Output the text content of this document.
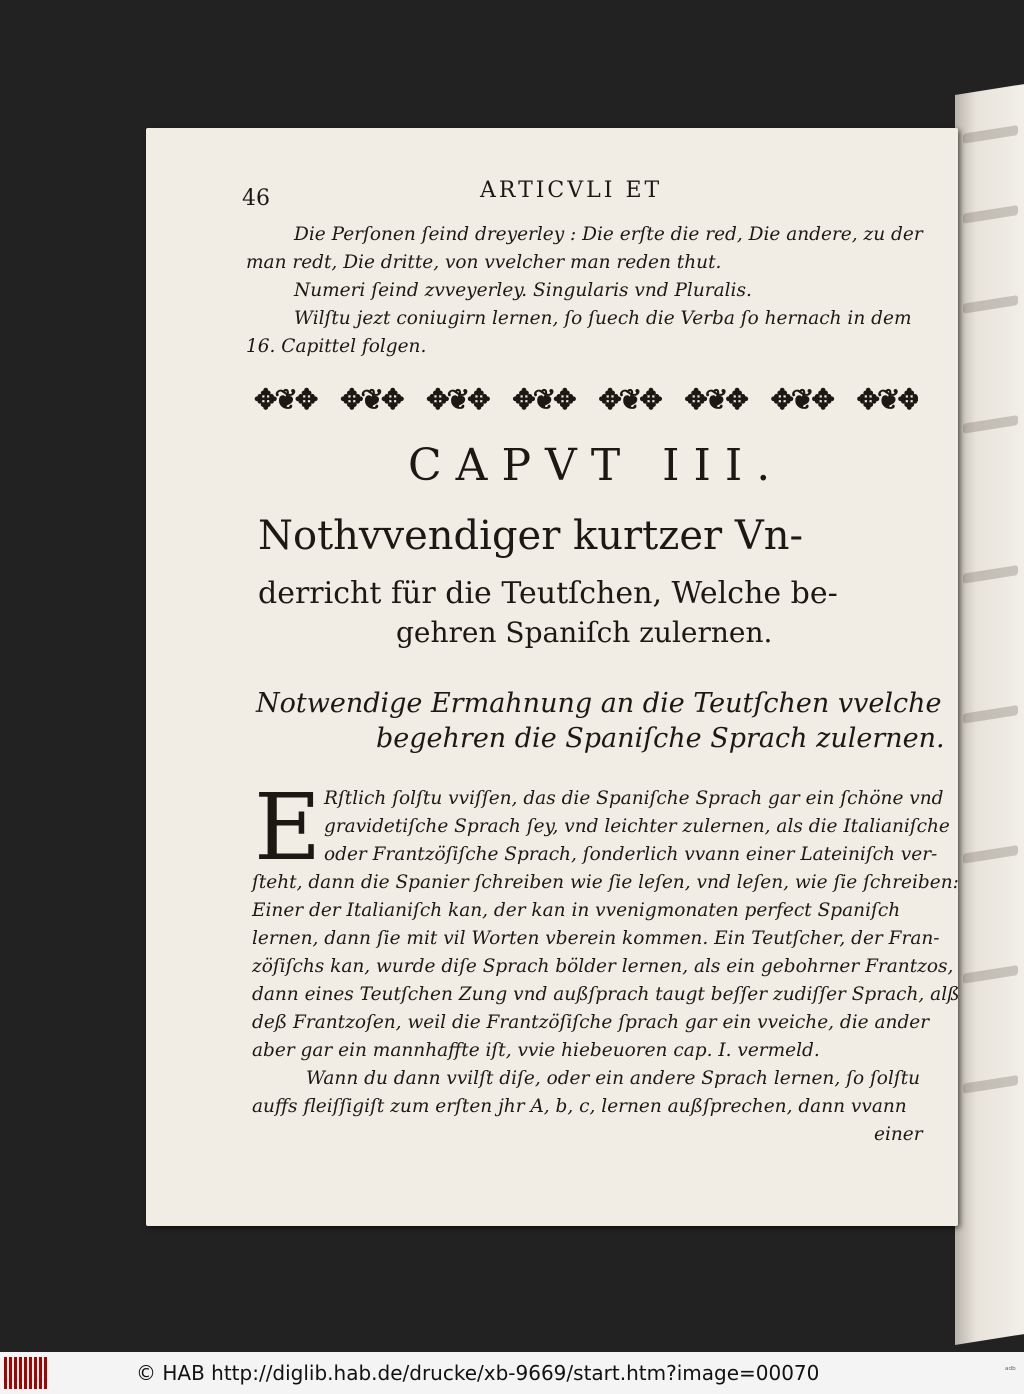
46	ARTICVLI ET
Die Perſonen ſeind dreyerley : Die erſte die red, Die andere, zu der
man redt, Die dritte, von vvelcher man reden thut.
Numeri ſeind zvveyerley. Singularis vnd Pluralis.
Wilſtu jezt coniugirn lernen, ſo ſuech die Verba ſo hernach in dem
16. Capittel folgen.
✥❦✥ ✥❦✥ ✥❦✥ ✥❦✥ ✥❦✥ ✥❦✥ ✥❦✥ ✥❦✥
CAPVT III.
Nothvvendiger kurtzer Vn-
derricht für die Teutſchen, Welche be-
gehren Spaniſch zulernen.
Notwendige Ermahnung an die Teutſchen vvelche
begehren die Spaniſche Sprach zulernen.
E Rſtlich ſolſtu vviſſen, das die Spaniſche Sprach gar ein ſchöne vnd
gravidetiſche Sprach ſey, vnd leichter zulernen, als die Italianiſche
oder Frantzöſiſche Sprach, ſonderlich vvann einer Lateiniſch ver-
ſteht, dann die Spanier ſchreiben wie ſie leſen, vnd leſen, wie ſie ſchreiben:
Einer der Italianiſch kan, der kan in vvenigmonaten perfect Spaniſch
lernen, dann ſie mit vil Worten vberein kommen. Ein Teutſcher, der Fran-
zöſiſchs kan, wurde diſe Sprach bölder lernen, als ein gebohrner Frantzos,
dann eines Teutſchen Zung vnd außſprach taugt beſſer zudiſſer Sprach, alß
deß Frantzoſen, weil die Frantzöſiſche ſprach gar ein vveiche, die ander
aber gar ein mannhaffte iſt, vvie hiebeuoren cap. I. vermeld.
Wann du dann vvilſt diſe, oder ein andere Sprach lernen, ſo ſolſtu
auffs fleiſſigiſt zum erſten jhr A, b, c, lernen außſprechen, dann vvann
einer
© HAB http://diglib.hab.de/drucke/xb-9669/start.htm?image=00070	ᵃᵈᵇ
